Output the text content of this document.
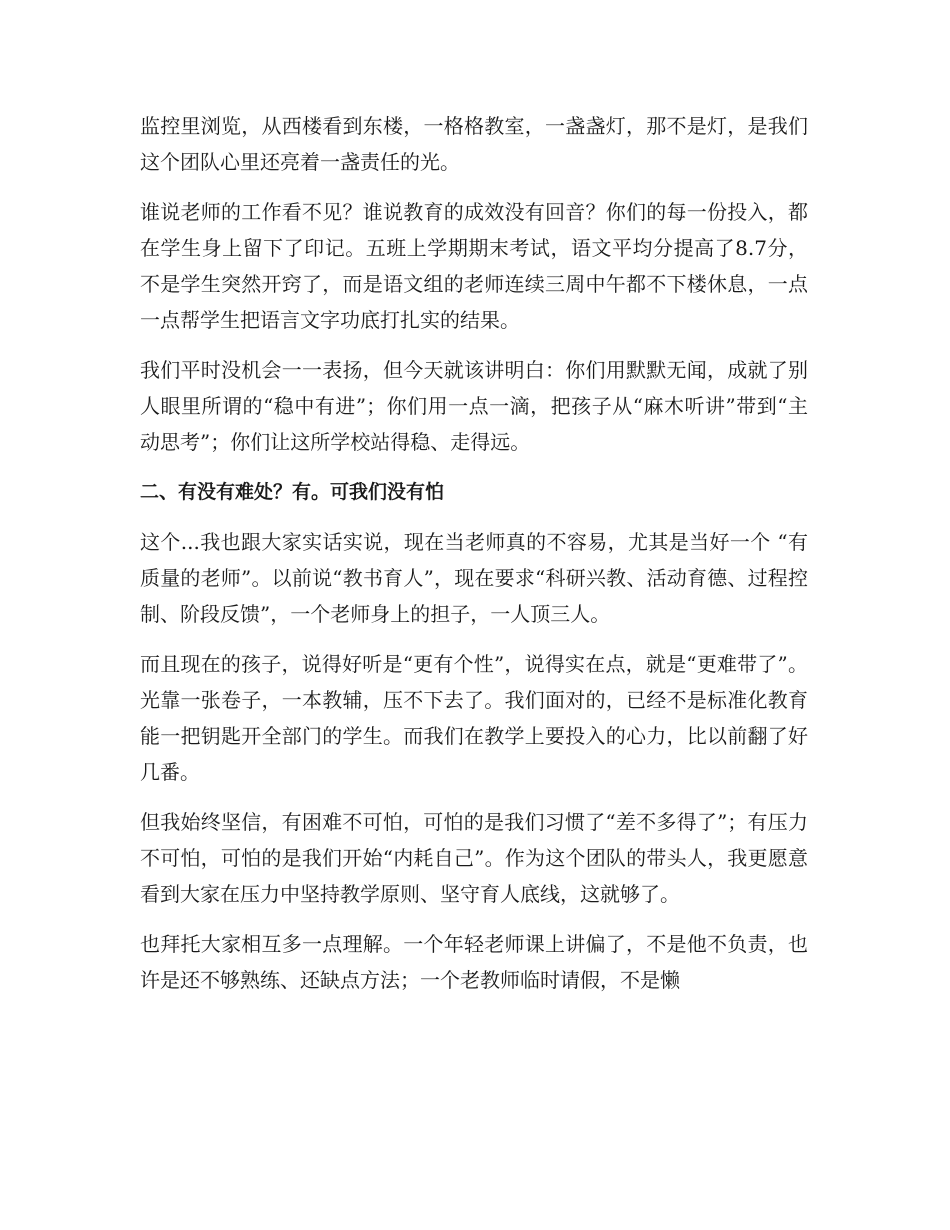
监控里浏览，从西楼看到东楼，一格格教室，一盏盏灯，那不是灯，是我们这个团队心里还亮着一盏责任的光。

谁说老师的工作看不见？谁说教育的成效没有回音？你们的每一份投入，都在学生身上留下了印记。五班上学期期末考试，语文平均分提高了8.7分，不是学生突然开窍了，而是语文组的老师连续三周中午都不下楼休息，一点一点帮学生把语言文字功底打扎实的结果。

我们平时没机会一一表扬，但今天就该讲明白：你们用默默无闻，成就了别人眼里所谓的“稳中有进”；你们用一点一滴，把孩子从“麻木听讲”带到“主动思考”；你们让这所学校站得稳、走得远。

二、有没有难处？有。可我们没有怕

这个...我也跟大家实话实说，现在当老师真的不容易，尤其是当好一个 “有质量的老师”。以前说“教书育人”，现在要求“科研兴教、活动育德、过程控制、阶段反馈”，一个老师身上的担子，一人顶三人。

而且现在的孩子，说得好听是“更有个性”，说得实在点，就是“更难带了”。光靠一张卷子，一本教辅，压不下去了。我们面对的，已经不是标准化教育能一把钥匙开全部门的学生。而我们在教学上要投入的心力，比以前翻了好几番。

但我始终坚信，有困难不可怕，可怕的是我们习惯了“差不多得了”；有压力不可怕，可怕的是我们开始“内耗自己”。作为这个团队的带头人，我更愿意看到大家在压力中坚持教学原则、坚守育人底线，这就够了。

也拜托大家相互多一点理解。一个年轻老师课上讲偏了，不是他不负责，也许是还不够熟练、还缺点方法；一个老教师临时请假，不是懒
